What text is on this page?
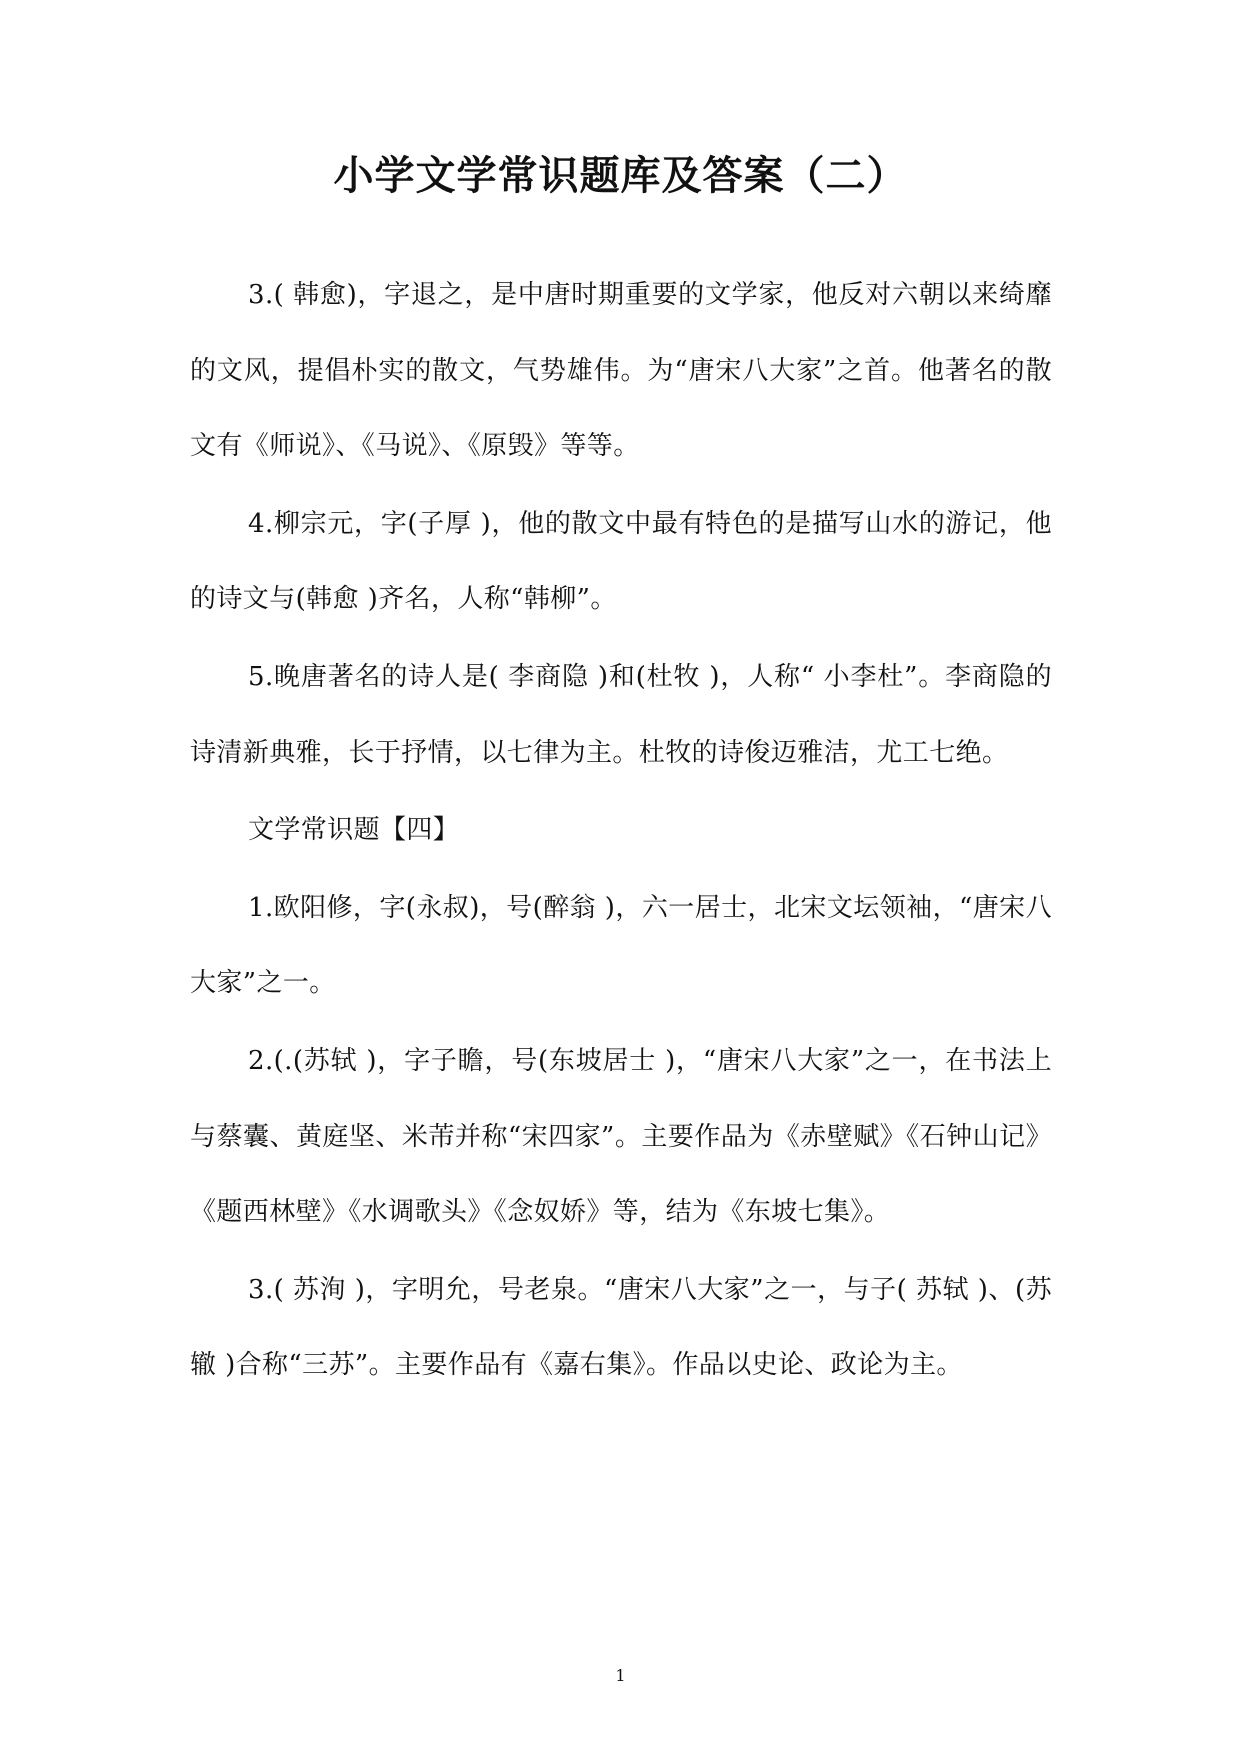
小学文学常识题库及答案（二）

3.( 韩愈)，字退之，是中唐时期重要的文学家，他反对六朝以来绮靡的文风，提倡朴实的散文，气势雄伟。为“唐宋八大家”之首。他著名的散文有《师说》、《马说》、《原毁》等等。

4.柳宗元，字(子厚 )，他的散文中最有特色的是描写山水的游记，他的诗文与(韩愈 )齐名，人称“韩柳”。

5.晚唐著名的诗人是( 李商隐 )和(杜牧 )，人称“ 小李杜”。李商隐的诗清新典雅，长于抒情，以七律为主。杜牧的诗俊迈雅洁，尤工七绝。

文学常识题【四】

1.欧阳修，字(永叔)，号(醉翁 )，六一居士，北宋文坛领袖，“唐宋八大家”之一。

2.(.(苏轼 )，字子瞻，号(东坡居士 )，“唐宋八大家”之一，在书法上与蔡囊、黄庭坚、米芾并称“宋四家”。主要作品为《赤壁赋》《石钟山记》《题西林壁》《水调歌头》《念奴娇》等，结为《东坡七集》。

3.( 苏洵 )，字明允，号老泉。“唐宋八大家”之一，与子( 苏轼 )、(苏辙 )合称“三苏”。主要作品有《嘉右集》。作品以史论、政论为主。

1
